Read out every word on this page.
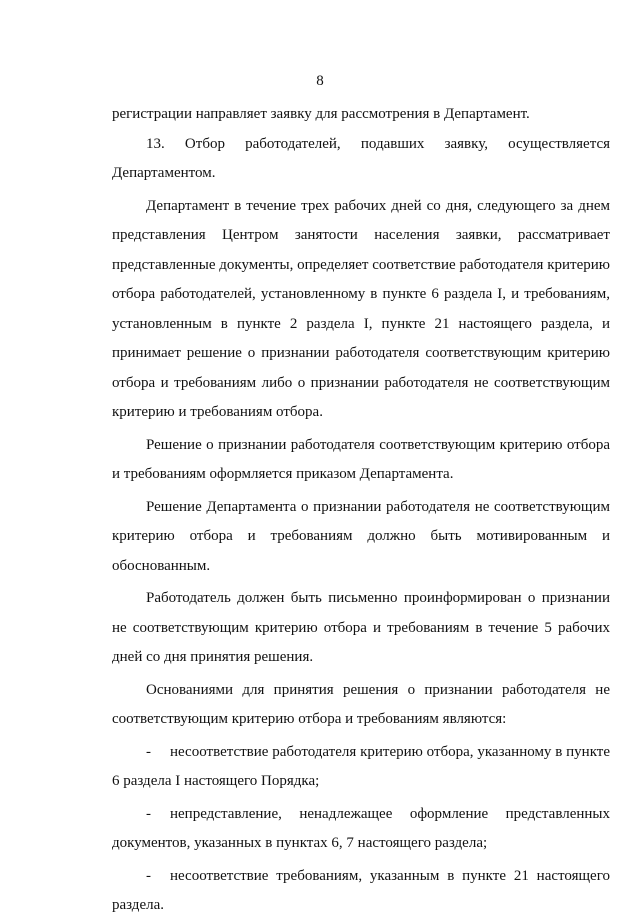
8

регистрации направляет заявку для рассмотрения в Департамент.

13. Отбор работодателей, подавших заявку, осуществляется Департаментом.

Департамент в течение трех рабочих дней со дня, следующего за днем представления Центром занятости населения заявки, рассматривает представленные документы, определяет соответствие работодателя критерию отбора работодателей, установленному в пункте 6 раздела I, и требованиям, установленным в пункте 2 раздела I, пункте 21 настоящего раздела, и принимает решение о признании работодателя соответствующим критерию отбора и требованиям либо о признании работодателя не соответствующим критерию и требованиям отбора.

Решение о признании работодателя соответствующим критерию отбора и требованиям оформляется приказом Департамента.

Решение Департамента о признании работодателя не соответствующим критерию отбора и требованиям должно быть мотивированным и обоснованным.

Работодатель должен быть письменно проинформирован о признании не соответствующим критерию отбора и требованиям в течение 5 рабочих дней со дня принятия решения.

Основаниями для принятия решения о признании работодателя не соответствующим критерию отбора и требованиям являются:

- несоответствие работодателя критерию отбора, указанному в пункте 6 раздела I настоящего Порядка;

- непредставление, ненадлежащее оформление представленных документов, указанных в пунктах 6, 7 настоящего раздела;

- несоответствие требованиям, указанным в пункте 21 настоящего раздела.
